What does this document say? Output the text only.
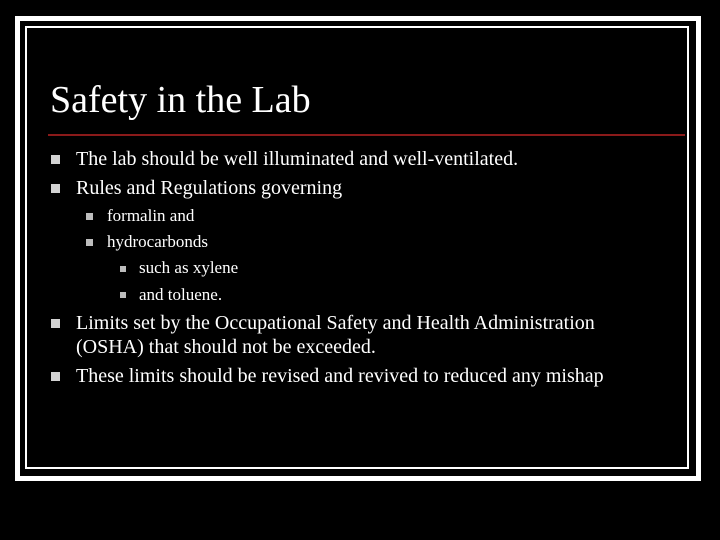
Safety in the Lab
The lab should be well illuminated and well-ventilated.
Rules and Regulations governing
formalin and
hydrocarbonds
such as xylene
and toluene.
Limits set by the Occupational Safety and Health Administration
(OSHA) that should not be exceeded.
These limits should be revised and revived to reduced any mishap
